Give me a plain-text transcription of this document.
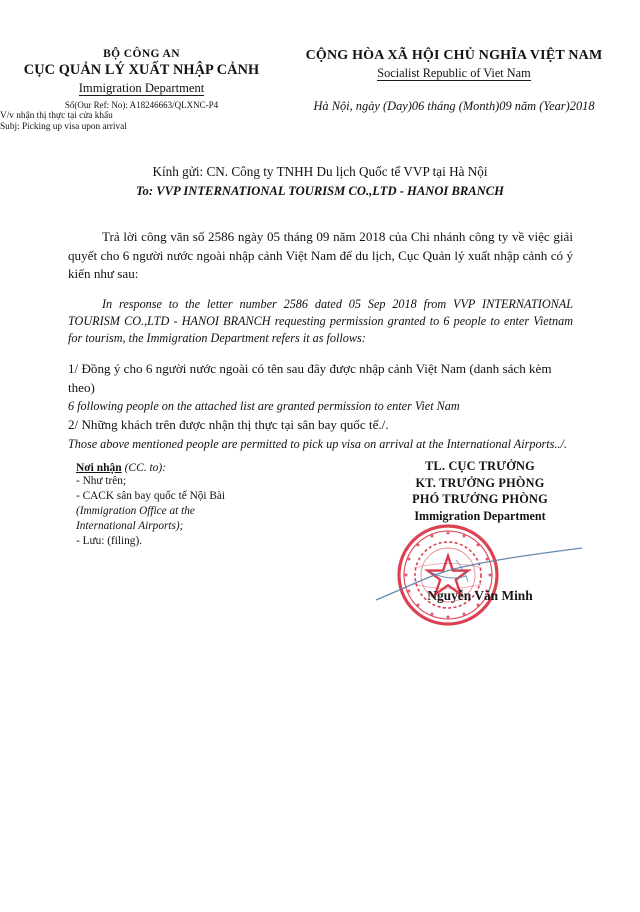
BỘ CÔNG AN
CỤC QUẢN LÝ XUẤT NHẬP CẢNH
Immigration Department
Số(Our Ref: No): A18246663/QLXNC-P4
V/v nhận thị thực tại cửa khẩu
Subj: Picking up visa upon arrival
CỘNG HÒA XÃ HỘI CHỦ NGHĨA VIỆT NAM
Socialist Republic of Viet Nam
Hà Nội, ngày (Day)06 tháng (Month)09 năm (Year)2018
Kính gửi: CN. Công ty TNHH Du lịch Quốc tế VVP tại Hà Nội
To: VVP INTERNATIONAL TOURISM CO.,LTD - HANOI BRANCH

Trả lời công văn số 2586 ngày 05 tháng 09 năm 2018 của Chi nhánh công ty về việc giải quyết cho 6 người nước ngoài nhập cảnh Việt Nam để du lịch, Cục Quản lý xuất nhập cảnh có ý kiến như sau:

In response to the letter number 2586 dated 05 Sep 2018 from VVP INTERNATIONAL TOURISM CO.,LTD - HANOI BRANCH requesting permission granted to 6 people to enter Vietnam for tourism, the Immigration Department refers it as follows:

1/ Đồng ý cho 6 người nước ngoài có tên sau đây được nhập cảnh Việt Nam (danh sách kèm theo)

6 following people on the attached list are granted permission to enter Viet Nam

2/ Những khách trên được nhận thị thực tại sân bay quốc tế./.

Those above mentioned people are permitted to pick up visa on arrival at the International Airports../.

Nơi nhận (CC. to):
- Như trên;
- CACK sân bay quốc tế Nội Bài
(Immigration Office at the
International Airports);
- Lưu: (filing).
TL. CỤC TRƯỞNG
KT. TRƯỞNG PHÒNG
PHÓ TRƯỞNG PHÒNG
Immigration Department
Nguyễn Văn Minh
